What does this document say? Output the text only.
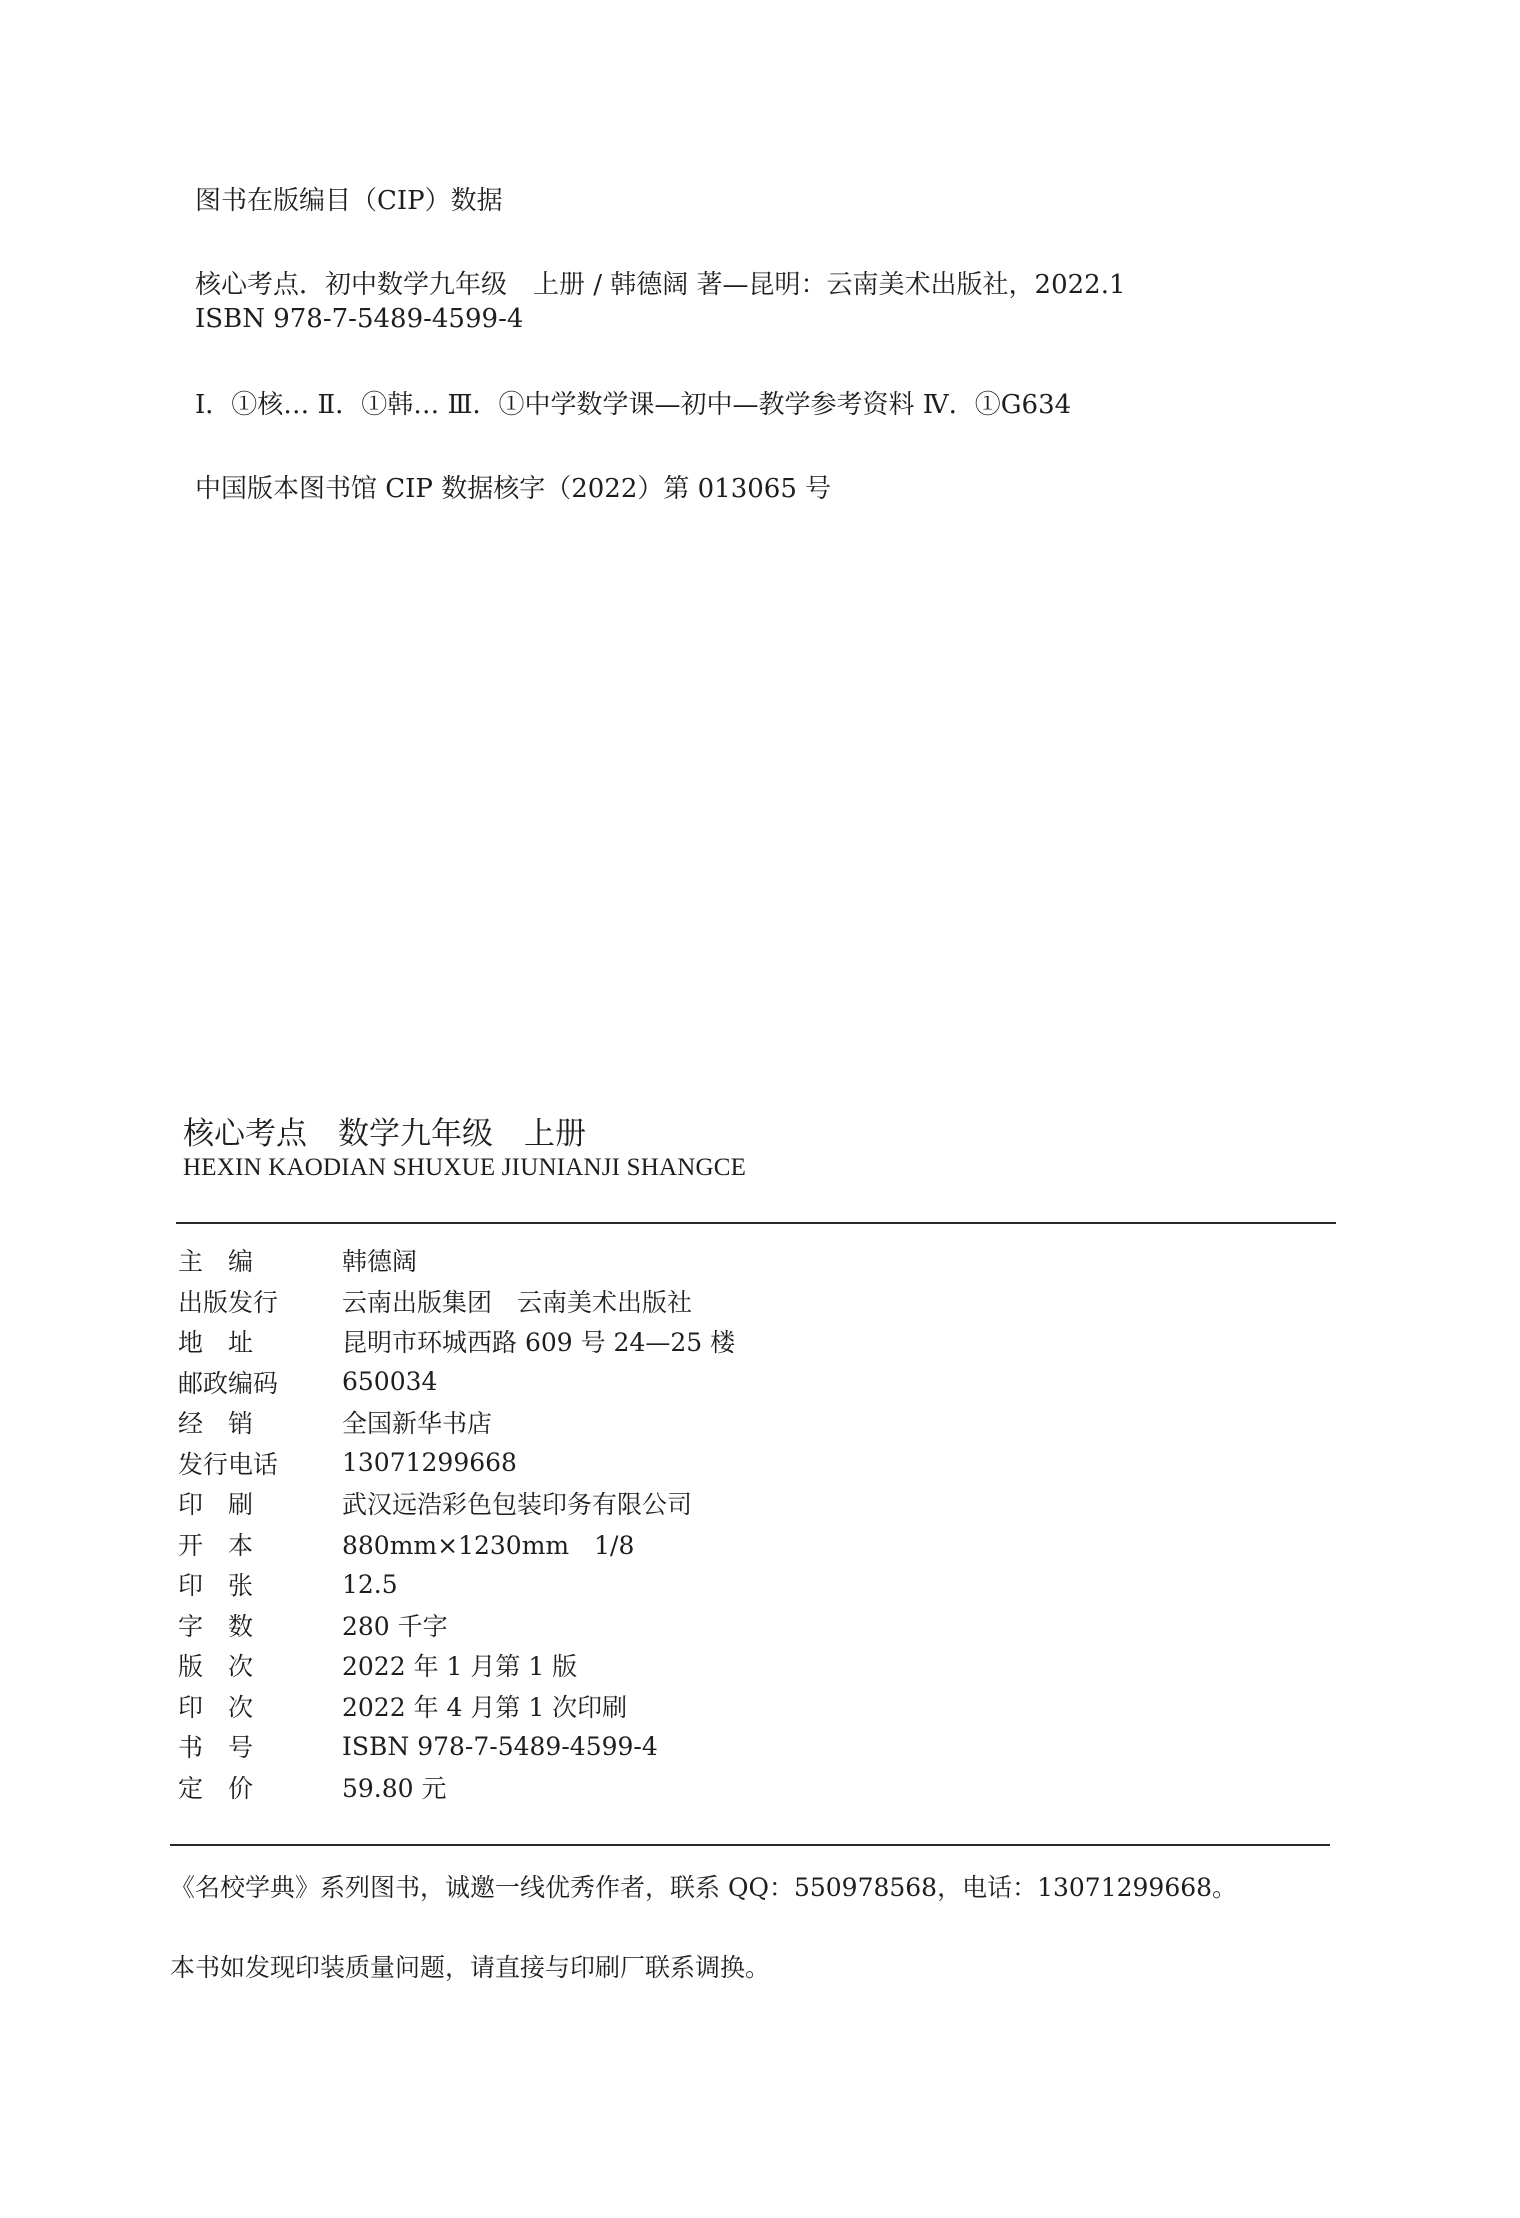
图书在版编目（CIP）数据
核心考点．初中数学九年级　上册 / 韩德阔 著—昆明：云南美术出版社，2022.1
ISBN 978-7-5489-4599-4
Ⅰ．①核… Ⅱ．①韩… Ⅲ．①中学数学课—初中—教学参考资料 Ⅳ．①G634
中国版本图书馆 CIP 数据核字（2022）第 013065 号
核心考点　数学九年级　上册
HEXIN KAODIAN SHUXUE JIUNIANJI SHANGCE
主　编	韩德阔
出版发行	云南出版集团　云南美术出版社
地　址	昆明市环城西路 609 号 24—25 楼
邮政编码	650034
经　销	全国新华书店
发行电话	13071299668
印　刷	武汉远浩彩色包装印务有限公司
开　本	880mm×1230mm　1/8
印　张	12.5
字　数	280 千字
版　次	2022 年 1 月第 1 版
印　次	2022 年 4 月第 1 次印刷
书　号	ISBN 978-7-5489-4599-4
定　价	59.80 元
《名校学典》系列图书，诚邀一线优秀作者，联系 QQ：550978568，电话：13071299668。
本书如发现印装质量问题，请直接与印刷厂联系调换。
